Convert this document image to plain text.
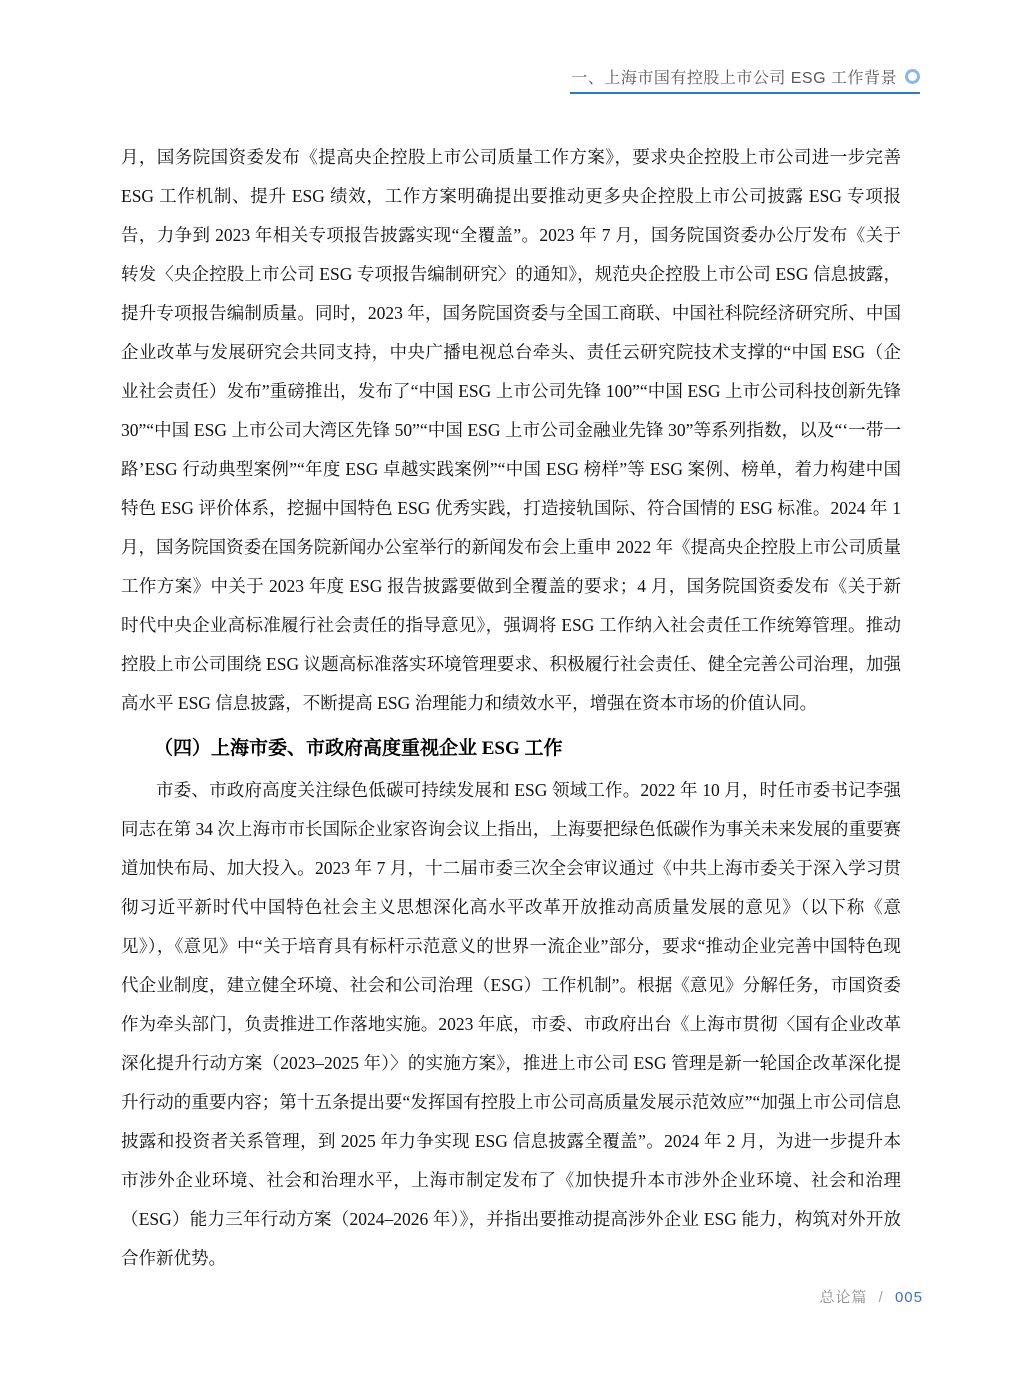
一、上海市国有控股上市公司 ESG 工作背景

月，国务院国资委发布《提高央企控股上市公司质量工作方案》，要求央企控股上市公司进一步完善 ESG 工作机制、提升 ESG 绩效，工作方案明确提出要推动更多央企控股上市公司披露 ESG 专项报告，力争到 2023 年相关专项报告披露实现“全覆盖”。2023 年 7 月，国务院国资委办公厅发布《关于转发〈央企控股上市公司 ESG 专项报告编制研究〉的通知》，规范央企控股上市公司 ESG 信息披露，提升专项报告编制质量。同时，2023 年，国务院国资委与全国工商联、中国社科院经济研究所、中国企业改革与发展研究会共同支持，中央广播电视总台牵头、责任云研究院技术支撑的“中国 ESG（企业社会责任）发布”重磅推出，发布了“中国 ESG 上市公司先锋 100”“中国 ESG 上市公司科技创新先锋 30”“中国 ESG 上市公司大湾区先锋 50”“中国 ESG 上市公司金融业先锋 30”等系列指数，以及“‘一带一路’ESG 行动典型案例”“年度 ESG 卓越实践案例”“中国 ESG 榜样”等 ESG 案例、榜单，着力构建中国特色 ESG 评价体系，挖掘中国特色 ESG 优秀实践，打造接轨国际、符合国情的 ESG 标准。2024 年 1 月，国务院国资委在国务院新闻办公室举行的新闻发布会上重申 2022 年《提高央企控股上市公司质量工作方案》中关于 2023 年度 ESG 报告披露要做到全覆盖的要求；4 月，国务院国资委发布《关于新时代中央企业高标准履行社会责任的指导意见》，强调将 ESG 工作纳入社会责任工作统筹管理。推动控股上市公司围绕 ESG 议题高标准落实环境管理要求、积极履行社会责任、健全完善公司治理，加强高水平 ESG 信息披露，不断提高 ESG 治理能力和绩效水平，增强在资本市场的价值认同。

（四）上海市委、市政府高度重视企业 ESG 工作

市委、市政府高度关注绿色低碳可持续发展和 ESG 领域工作。2022 年 10 月，时任市委书记李强同志在第 34 次上海市市长国际企业家咨询会议上指出，上海要把绿色低碳作为事关未来发展的重要赛道加快布局、加大投入。2023 年 7 月，十二届市委三次全会审议通过《中共上海市委关于深入学习贯彻习近平新时代中国特色社会主义思想深化高水平改革开放推动高质量发展的意见》（以下称《意见》），《意见》中“关于培育具有标杆示范意义的世界一流企业”部分，要求“推动企业完善中国特色现代企业制度，建立健全环境、社会和公司治理（ESG）工作机制”。根据《意见》分解任务，市国资委作为牵头部门，负责推进工作落地实施。2023 年底，市委、市政府出台《上海市贯彻〈国有企业改革深化提升行动方案（2023–2025 年）〉的实施方案》，推进上市公司 ESG 管理是新一轮国企改革深化提升行动的重要内容；第十五条提出要“发挥国有控股上市公司高质量发展示范效应”“加强上市公司信息披露和投资者关系管理，到 2025 年力争实现 ESG 信息披露全覆盖”。2024 年 2 月，为进一步提升本市涉外企业环境、社会和治理水平，上海市制定发布了《加快提升本市涉外企业环境、社会和治理（ESG）能力三年行动方案（2024–2026 年）》，并指出要推动提高涉外企业 ESG 能力，构筑对外开放合作新优势。

总论篇 / 005
